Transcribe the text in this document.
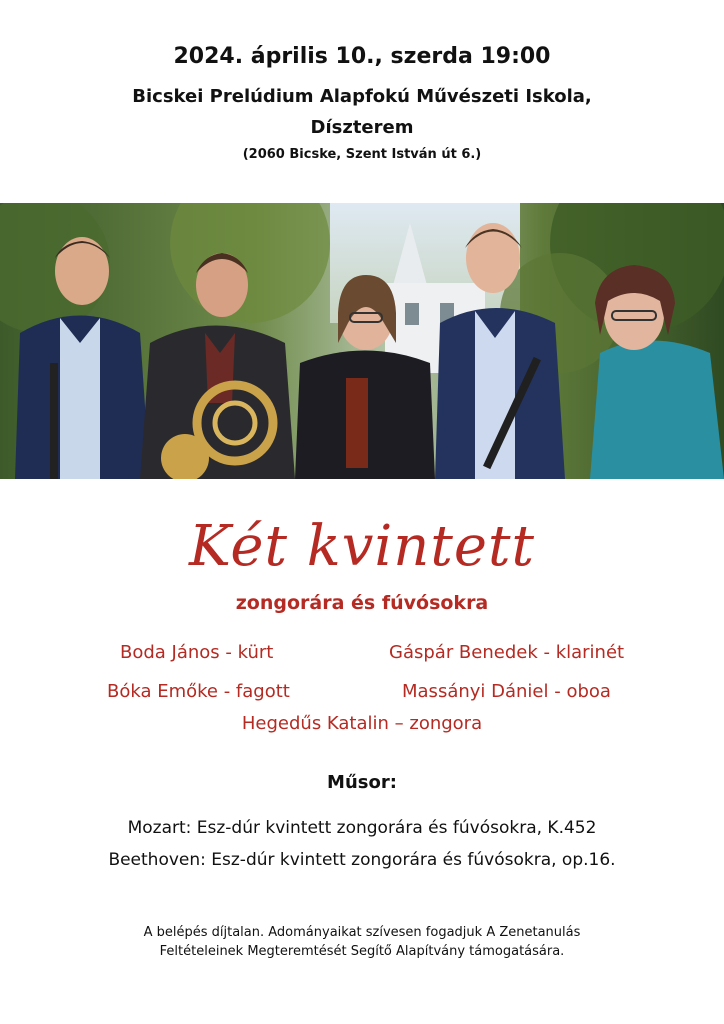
2024. április 10., szerda 19:00
Bicskei Prelúdium Alapfokú Művészeti Iskola,
Díszterem
(2060 Bicske, Szent István út 6.)
Két kvintett
zongorára és fúvósokra
Boda János - kürt	Gáspár Benedek - klarinét
Bóka Emőke - fagott	Massányi Dániel - oboa
Hegedűs Katalin – zongora
Műsor:
Mozart: Esz-dúr kvintett zongorára és fúvósokra, K.452
Beethoven: Esz-dúr kvintett zongorára és fúvósokra, op.16.
A belépés díjtalan. Adományaikat szívesen fogadjuk A Zenetanulás
Feltételeinek Megteremtését Segítő Alapítvány támogatására.
